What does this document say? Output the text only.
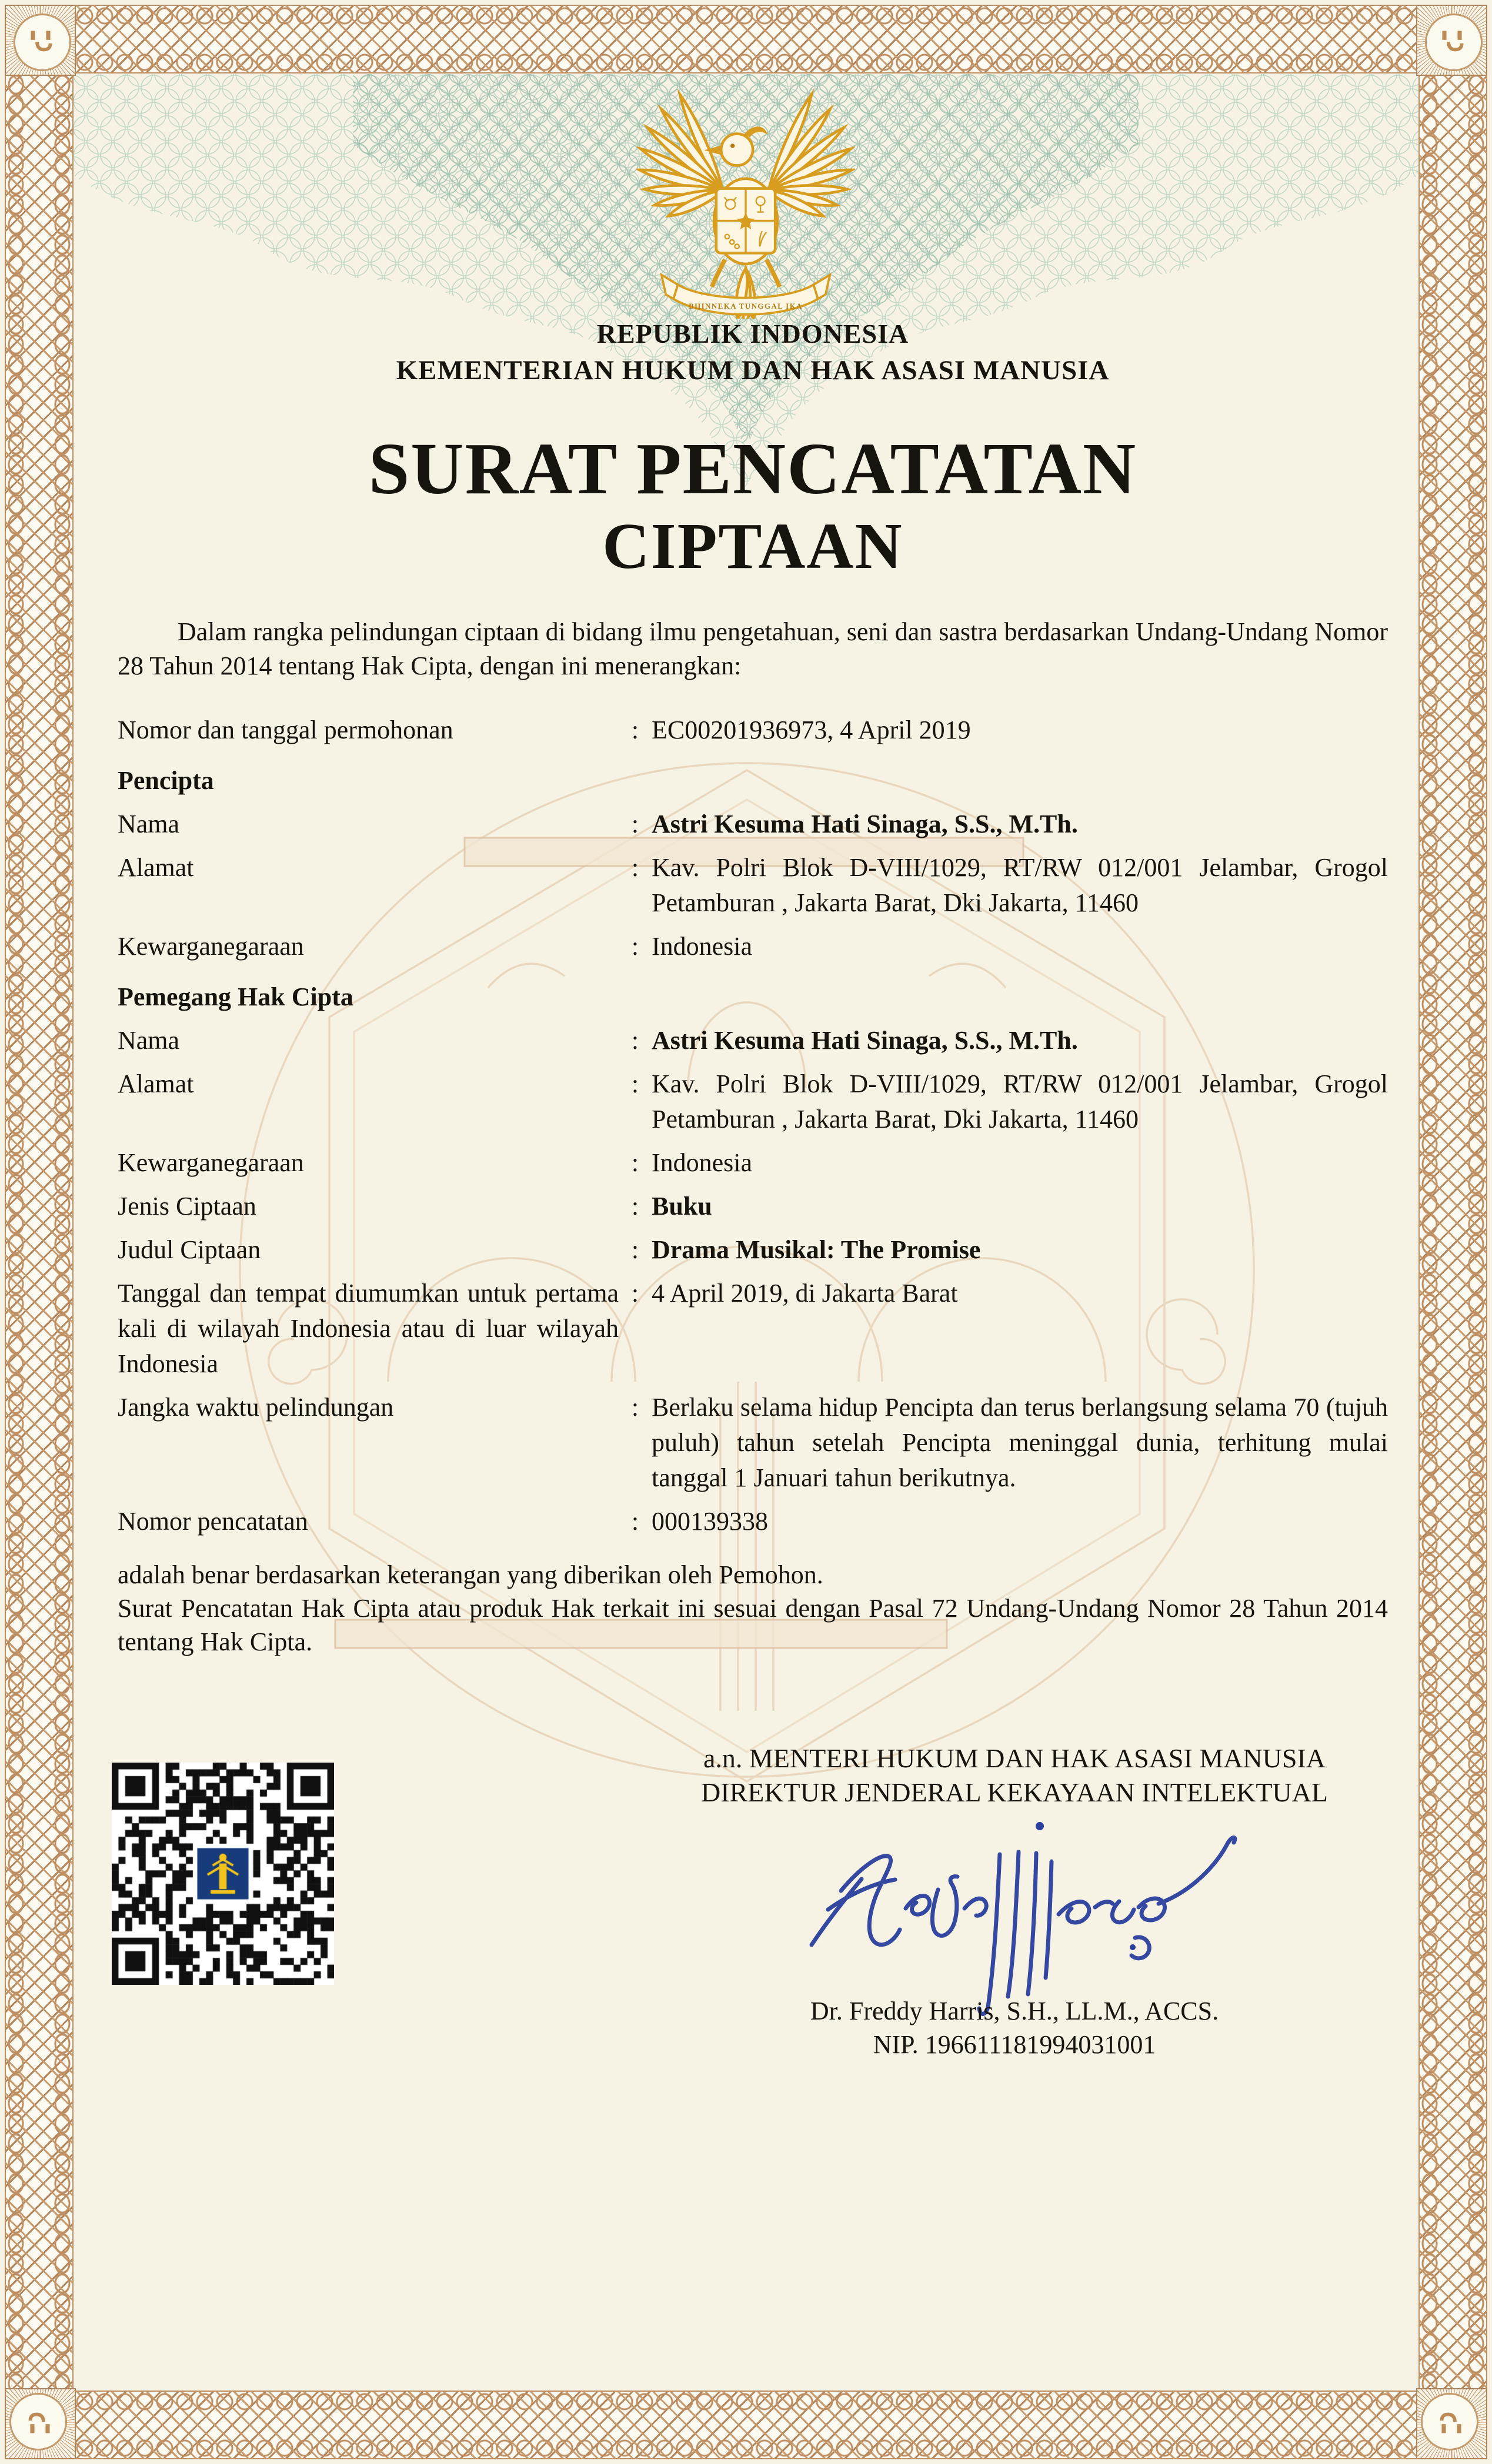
BHINNEKA TUNGGAL IKA
REPUBLIK INDONESIA
KEMENTERIAN HUKUM DAN HAK ASASI MANUSIA
SURAT PENCATATAN
CIPTAAN

Dalam rangka pelindungan ciptaan di bidang ilmu pengetahuan, seni dan sastra berdasarkan Undang-Undang Nomor 28 Tahun 2014 tentang Hak Cipta, dengan ini menerangkan:

Nomor dan tanggal permohonan	: EC00201936973, 4 April 2019
Pencipta
Nama	: Astri Kesuma Hati Sinaga, S.S., M.Th.
Alamat	: Kav. Polri Blok D-VIII/1029, RT/RW 012/001 Jelambar, Grogol Petamburan , Jakarta Barat, Dki Jakarta, 11460
Kewarganegaraan	: Indonesia
Pemegang Hak Cipta
Nama	: Astri Kesuma Hati Sinaga, S.S., M.Th.
Alamat	: Kav. Polri Blok D-VIII/1029, RT/RW 012/001 Jelambar, Grogol Petamburan , Jakarta Barat, Dki Jakarta, 11460
Kewarganegaraan	: Indonesia
Jenis Ciptaan	: Buku
Judul Ciptaan	: Drama Musikal: The Promise
Tanggal dan tempat diumumkan untuk pertama kali di wilayah Indonesia atau di luar wilayah Indonesia
: 4 April 2019, di Jakarta Barat
Jangka waktu pelindungan	: Berlaku selama hidup Pencipta dan terus berlangsung selama 70 (tujuh puluh) tahun setelah Pencipta meninggal dunia, terhitung mulai tanggal 1 Januari tahun berikutnya.
Nomor pencatatan	: 000139338

adalah benar berdasarkan keterangan yang diberikan oleh Pemohon.

Surat Pencatatan Hak Cipta atau produk Hak terkait ini sesuai dengan Pasal 72 Undang-Undang Nomor 28 Tahun 2014 tentang Hak Cipta.

a.n. MENTERI HUKUM DAN HAK ASASI MANUSIA
DIREKTUR JENDERAL KEKAYAAN INTELEKTUAL
Dr. Freddy Harris, S.H., LL.M., ACCS.
NIP. 196611181994031001
